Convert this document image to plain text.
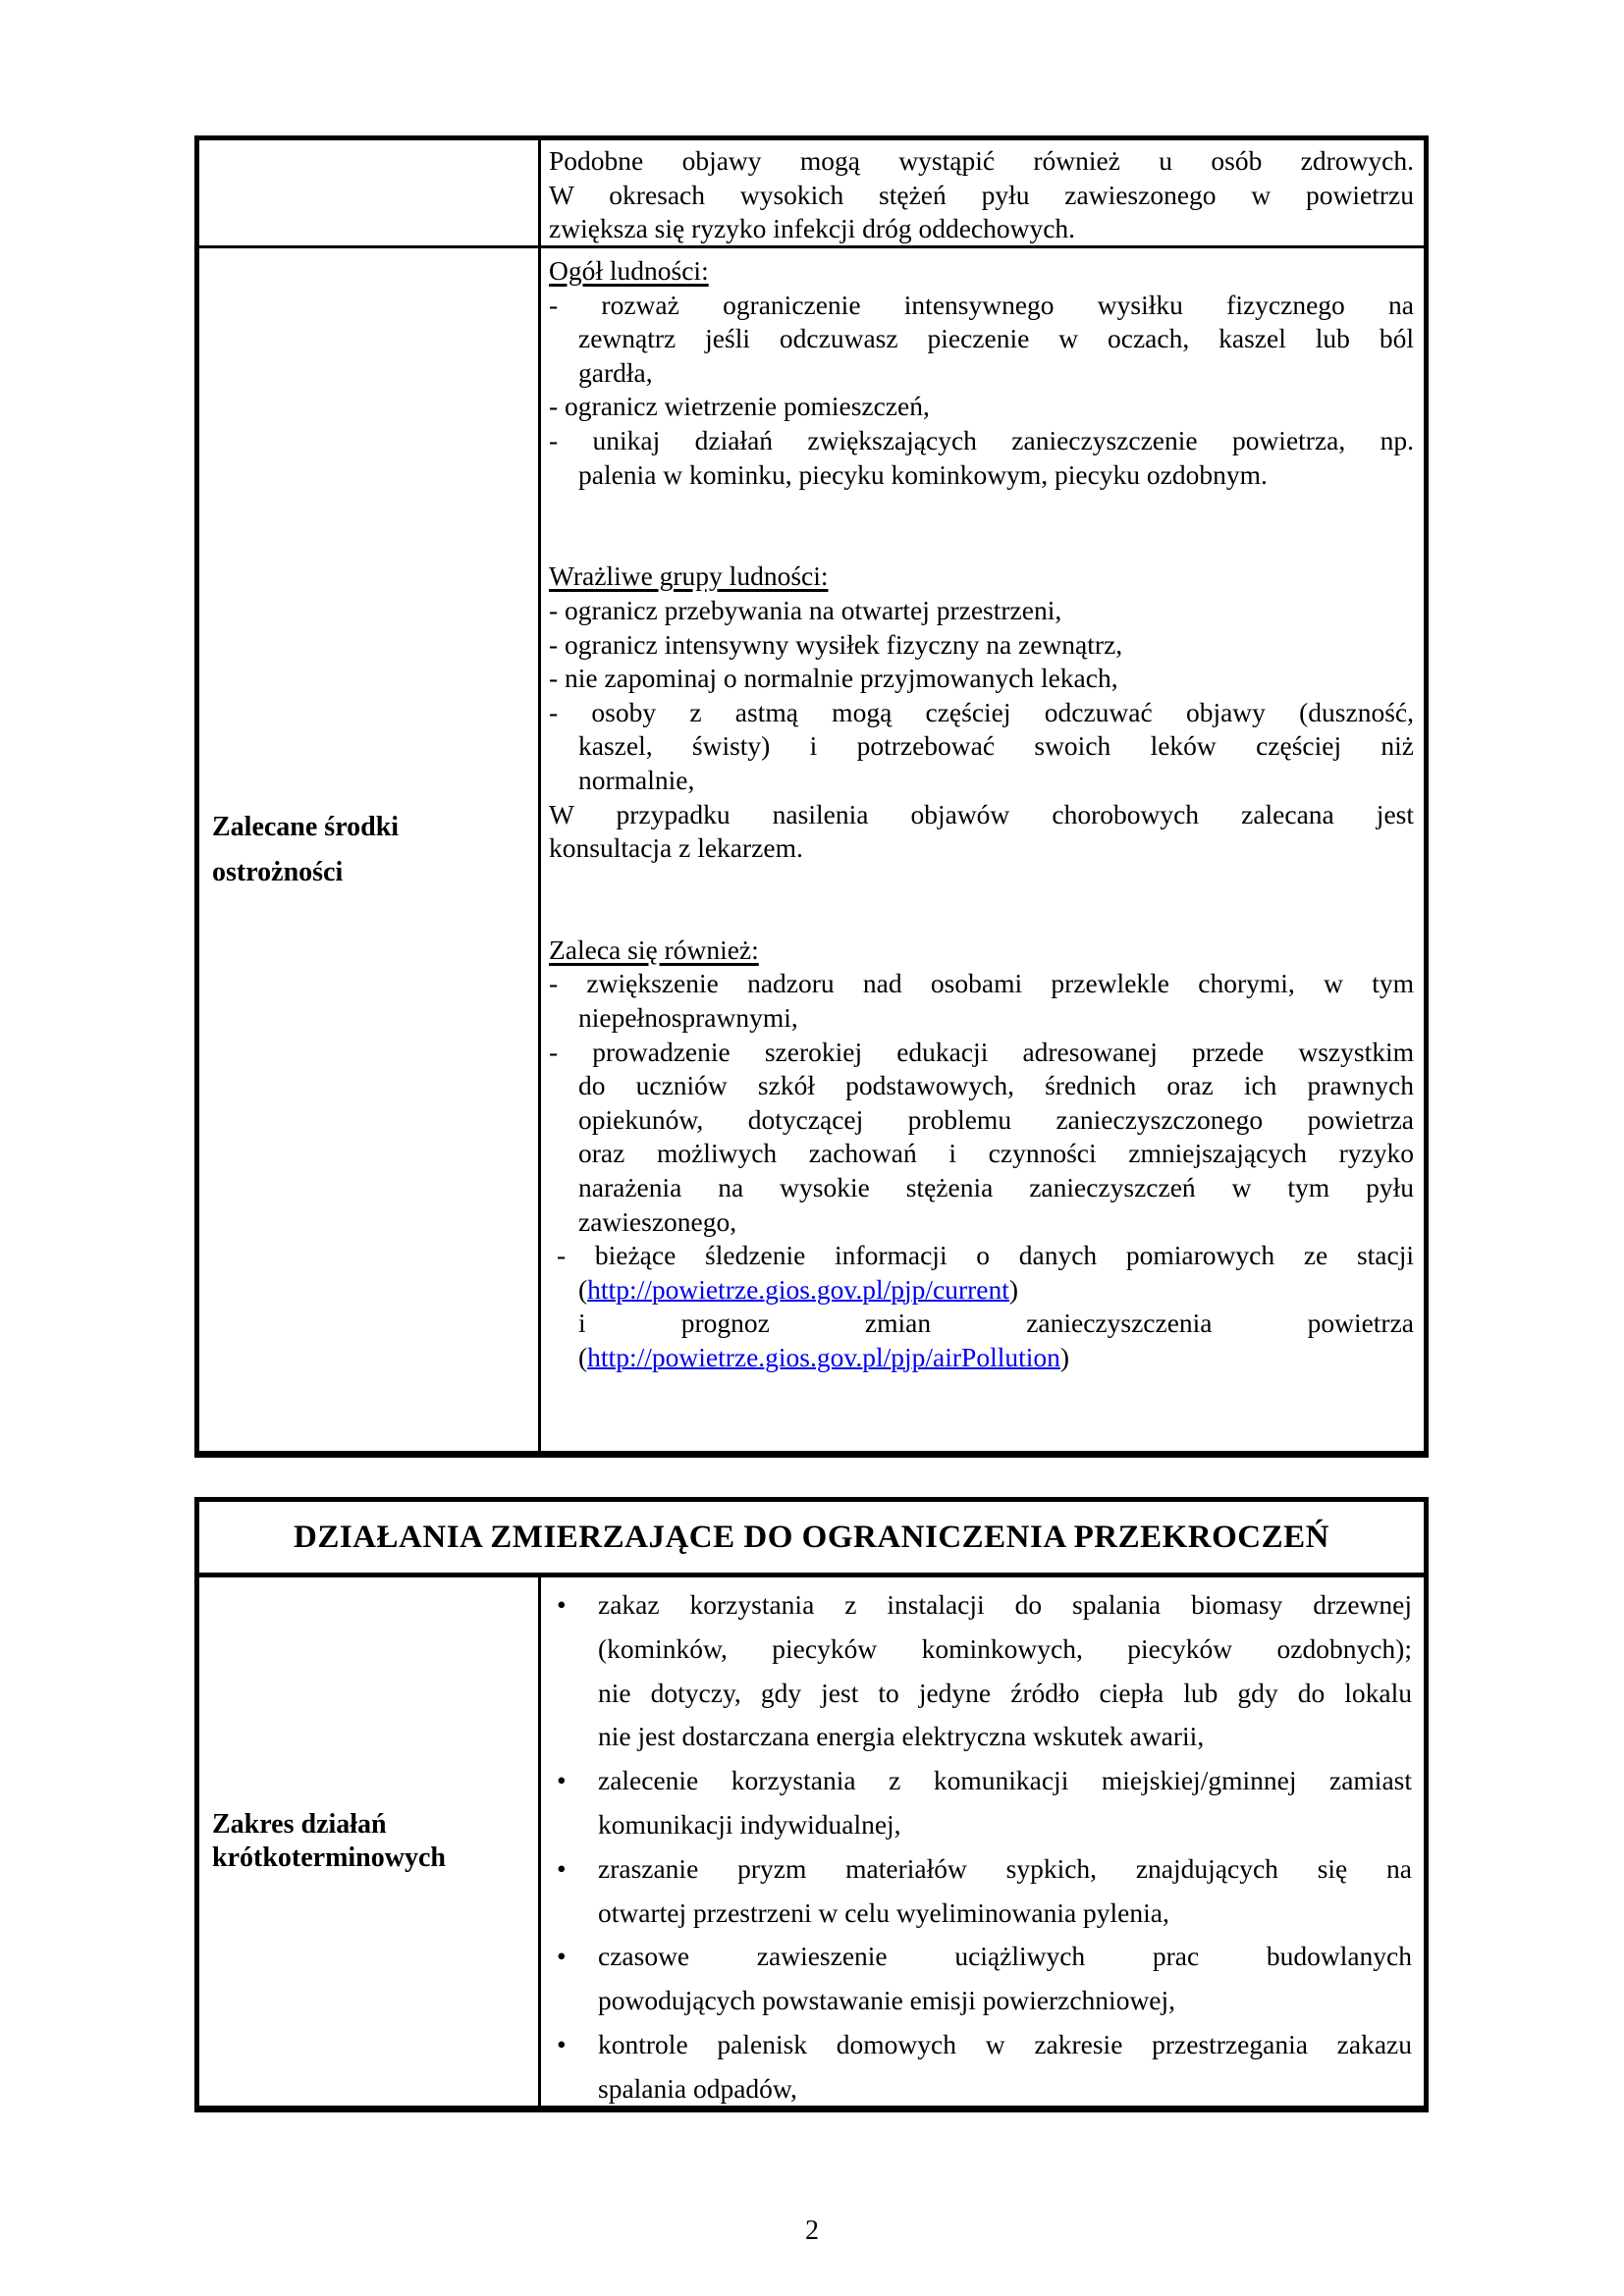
Podobne objawy mogą wystąpić również u osób zdrowych.
W okresach wysokich stężeń pyłu zawieszonego w powietrzu
zwiększa się ryzyko infekcji dróg oddechowych.
Zalecane środki
ostrożności
Ogół ludności:
- rozważ ograniczenie intensywnego wysiłku fizycznego na
zewnątrz jeśli odczuwasz pieczenie w oczach, kaszel lub ból
gardła,
- ogranicz wietrzenie pomieszczeń,
- unikaj działań zwiększających zanieczyszczenie powietrza, np.
palenia w kominku, piecyku kominkowym, piecyku ozdobnym.
Wrażliwe grupy ludności:
- ogranicz przebywania na otwartej przestrzeni,
- ogranicz intensywny wysiłek fizyczny na zewnątrz,
- nie zapominaj o normalnie przyjmowanych lekach,
- osoby z astmą mogą częściej odczuwać objawy (duszność,
kaszel, świsty) i potrzebować swoich leków częściej niż
normalnie,
W przypadku nasilenia objawów chorobowych zalecana jest
konsultacja z lekarzem.
Zaleca się również:
- zwiększenie nadzoru nad osobami przewlekle chorymi, w tym
niepełnosprawnymi,
- prowadzenie szerokiej edukacji adresowanej przede wszystkim
do uczniów szkół podstawowych, średnich oraz ich prawnych
opiekunów, dotyczącej problemu zanieczyszczonego powietrza
oraz możliwych zachowań i czynności zmniejszających ryzyko
narażenia na wysokie stężenia zanieczyszczeń w tym pyłu
zawieszonego,
- bieżące śledzenie informacji o danych pomiarowych ze stacji
(http://powietrze.gios.gov.pl/pjp/current)
i prognoz zmian zanieczyszczenia powietrza
(http://powietrze.gios.gov.pl/pjp/airPollution)
DZIAŁANIA ZMIERZAJĄCE DO OGRANICZENIA PRZEKROCZEŃ
Zakres działań
krótkoterminowych
• zakaz korzystania z instalacji do spalania biomasy drzewnej
(kominków, piecyków kominkowych, piecyków ozdobnych);
nie dotyczy, gdy jest to jedyne źródło ciepła lub gdy do lokalu
nie jest dostarczana energia elektryczna wskutek awarii,
• zalecenie korzystania z komunikacji miejskiej/gminnej zamiast
komunikacji indywidualnej,
• zraszanie pryzm materiałów sypkich, znajdujących się na
otwartej przestrzeni w celu wyeliminowania pylenia,
• czasowe zawieszenie uciążliwych prac budowlanych
powodujących powstawanie emisji powierzchniowej,
• kontrole palenisk domowych w zakresie przestrzegania zakazu
spalania odpadów,
2
